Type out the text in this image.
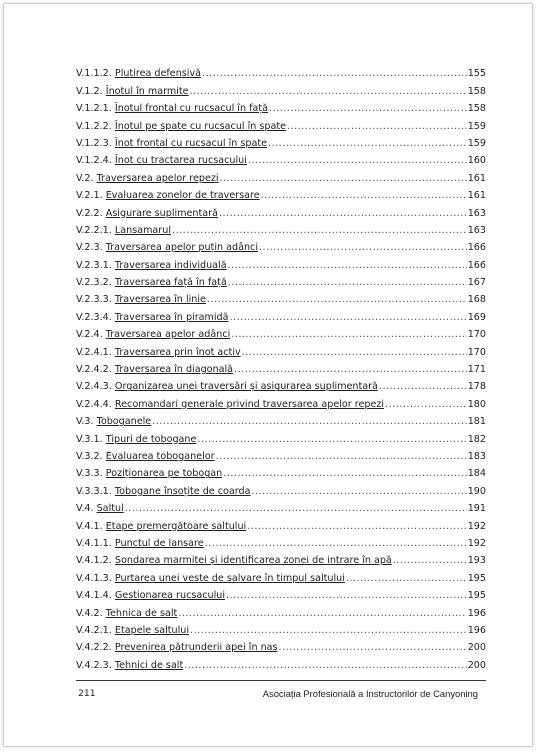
V.1.1.2. Plutirea defensivă .....	155
V.1.2. Înotul în marmite .....	158
V.1.2.1. Înotul frontal cu rucsacul în față .....	158
V.1.2.2. Înotul pe spate cu rucsacul în spate .....	159
V.1.2.3. Înot frontal cu rucsacul în spate .....	159
V.1.2.4. Înot cu tractarea rucsacului .....	160
V.2. Traversarea apelor repezi .....	161
V.2.1. Evaluarea zonelor de traversare .....	161
V.2.2. Asigurare suplimentară .....	163
V.2.2.1. Lansamarul .....	163
V.2.3. Traversarea apelor puțin adânci .....	166
V.2.3.1. Traversarea individuală .....	166
V.2.3.2. Traversarea față în față .....	167
V.2.3.3. Traversarea în linie .....	168
V.2.3.4. Traversarea în piramidă .....	169
V.2.4. Traversarea apelor adânci .....	170
V.2.4.1. Traversarea prin înot activ .....	170
V.2.4.2. Traversarea în diagonală .....	171
V.2.4.3. Organizarea unei traversări și asigurarea suplimentară .....	178
V.2.4.4. Recomandari generale privind traversarea apelor repezi .....	180
V.3. Toboganele .....	181
V.3.1. Tipuri de tobogane .....	182
V.3.2. Evaluarea toboganelor .....	183
V.3.3. Poziționarea pe tobogan .....	184
V.3.3.1. Tobogane însoțite de coarda .....	190
V.4. Saltul .....	191
V.4.1. Etape premergătoare saltului .....	192
V.4.1.1. Punctul de lansare .....	192
V.4.1.2. Sondarea marmitei și identificarea zonei de intrare în apă .....	193
V.4.1.3. Purtarea unei veste de salvare în timpul saltului .....	195
V.4.1.4. Gestionarea rucsacului .....	195
V.4.2. Tehnica de salt .....	196
V.4.2.1. Etapele saltului .....	196
V.4.2.2. Prevenirea pătrunderii apei în nas .....	200
V.4.2.3. Tehnici de salt .....	200
211	Asociația Profesională a Instructorilor de Canyoning
